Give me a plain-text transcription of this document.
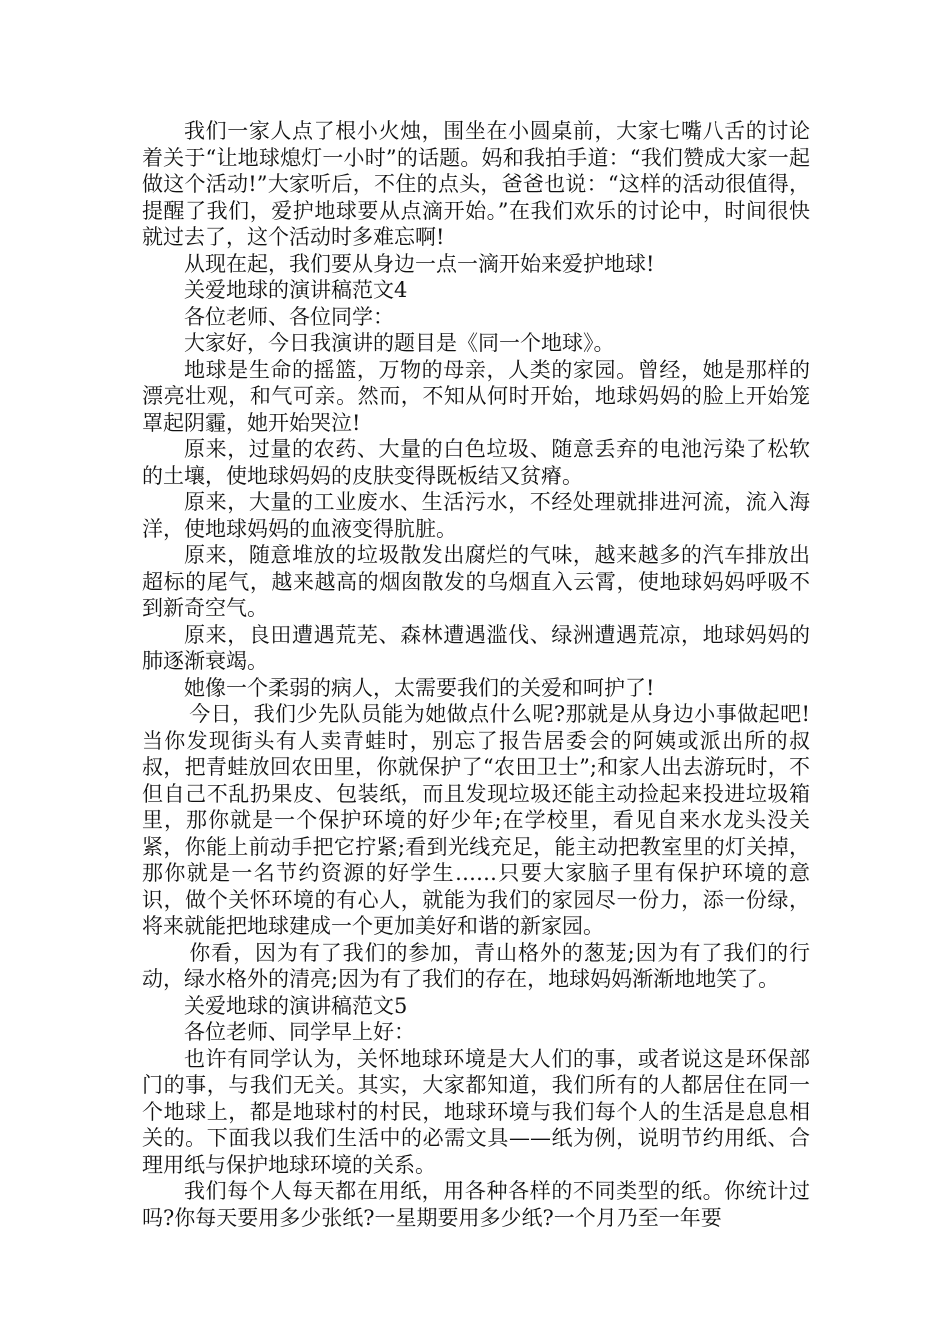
我们一家人点了根小火烛，围坐在小圆桌前，大家七嘴八舌的讨论着关于“让地球熄灯一小时”的话题。妈和我拍手道：“我们赞成大家一起做这个活动!”大家听后，不住的点头，爸爸也说：“这样的活动很值得，提醒了我们，爱护地球要从点滴开始。”在我们欢乐的讨论中，时间很快就过去了，这个活动时多难忘啊!

从现在起，我们要从身边一点一滴开始来爱护地球!

关爱地球的演讲稿范文4

各位老师、各位同学：

大家好，今日我演讲的题目是《同一个地球》。

地球是生命的摇篮，万物的母亲，人类的家园。曾经，她是那样的漂亮壮观，和气可亲。然而，不知从何时开始，地球妈妈的脸上开始笼罩起阴霾，她开始哭泣!

原来，过量的农药、大量的白色垃圾、随意丢弃的电池污染了松软的土壤，使地球妈妈的皮肤变得既板结又贫瘠。

原来，大量的工业废水、生活污水，不经处理就排进河流，流入海洋，使地球妈妈的血液变得肮脏。

原来，随意堆放的垃圾散发出腐烂的气味，越来越多的汽车排放出超标的尾气，越来越高的烟囱散发的乌烟直入云霄，使地球妈妈呼吸不到新奇空气。

原来，良田遭遇荒芜、森林遭遇滥伐、绿洲遭遇荒凉，地球妈妈的肺逐渐衰竭。

她像一个柔弱的病人，太需要我们的关爱和呵护了!

今日，我们少先队员能为她做点什么呢?那就是从身边小事做起吧!当你发现街头有人卖青蛙时，别忘了报告居委会的阿姨或派出所的叔叔，把青蛙放回农田里，你就保护了“农田卫士”;和家人出去游玩时，不但自己不乱扔果皮、包装纸，而且发现垃圾还能主动捡起来投进垃圾箱里，那你就是一个保护环境的好少年;在学校里，看见自来水龙头没关紧，你能上前动手把它拧紧;看到光线充足，能主动把教室里的灯关掉，那你就是一名节约资源的好学生……只要大家脑子里有保护环境的意识，做个关怀环境的有心人，就能为我们的家园尽一份力，添一份绿，将来就能把地球建成一个更加美好和谐的新家园。

你看，因为有了我们的参加，青山格外的葱茏;因为有了我们的行动，绿水格外的清亮;因为有了我们的存在，地球妈妈渐渐地地笑了。

关爱地球的演讲稿范文5

各位老师、同学早上好：

也许有同学认为，关怀地球环境是大人们的事，或者说这是环保部门的事，与我们无关。其实，大家都知道，我们所有的人都居住在同一个地球上，都是地球村的村民，地球环境与我们每个人的生活是息息相关的。下面我以我们生活中的必需文具——纸为例，说明节约用纸、合理用纸与保护地球环境的关系。

我们每个人每天都在用纸，用各种各样的不同类型的纸。你统计过吗?你每天要用多少张纸?一星期要用多少纸?一个月乃至一年要
